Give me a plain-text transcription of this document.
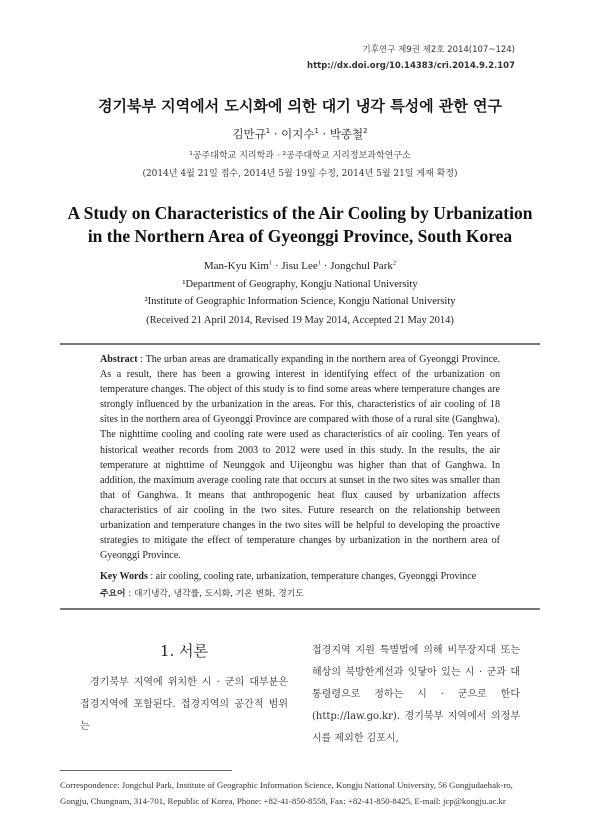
기후연구 제9권 제2호 2014(107~124)
http://dx.doi.org/10.14383/cri.2014.9.2.107
경기북부 지역에서 도시화에 의한 대기 냉각 특성에 관한 연구
김만규$^1$ · 이지수$^1$ · 박종철$^2$
¹공주대학교 지리학과 · ²공주대학교 지리정보과학연구소
(2014년 4월 21일 접수, 2014년 5월 19일 수정, 2014년 5월 21일 게재 확정)
A Study on Characteristics of the Air Cooling by Urbanization
in the Northern Area of Gyeonggi Province, South Korea
Man-Kyu Kim$^1$ · Jisu Lee$^1$ · Jongchul Park$^2$
¹Department of Geography, Kongju National University
²Institute of Geographic Information Science, Kongju National University
(Received 21 April 2014, Revised 19 May 2014, Accepted 21 May 2014)
Abstract : The urban areas are dramatically expanding in the northern area of Gyeonggi Province. As a result, there has been a growing interest in identifying effect of the urbanization on temperature changes. The object of this study is to find some areas where temperature changes are strongly influenced by the urbanization in the areas. For this, characteristics of air cooling of 18 sites in the northern area of Gyeonggi Province are compared with those of a rural site (Ganghwa). The nighttime cooling and cooling rate were used as characteristics of air cooling. Ten years of historical weather records from 2003 to 2012 were used in this study. In the results, the air temperature at nighttime of Neunggok and Uijeongbu was higher than that of Ganghwa. In addition, the maximum average cooling rate that occurs at sunset in the two sites was smaller than that of Ganghwa. It means that anthropogenic heat flux caused by urbanization affects characteristics of air cooling in the two sites. Future research on the relationship between urbanization and temperature changes in the two sites will be helpful to developing the proactive strategies to mitigate the effect of temperature changes by urbanization in the northern area of Gyeonggi Province.
Key Words : air cooling, cooling rate, urbanization, temperature changes, Gyeonggi Province
주요어 : 대기냉각, 냉각률, 도시화, 기온 변화, 경기도
1. 서론
경기북부 지역에 위치한 시 · 군의 대부분은 접경지역에 포함된다. 접경지역의 공간적 범위는
접경지역 지원 특별법에 의해 비무장지대 또는 해상의 북방한계선과 잇닿아 있는 시 · 군과 대통령령으로 정하는 시 · 군으로 한다(http://law.go.kr). 경기북부 지역에서 의정부시를 제외한 김포시,
Correspondence: Jongchul Park, Institute of Geographic Information Science, Kongju National University, 56 Gongjudaehak-ro, Gongju, Chungnam, 314-701, Republic of Korea, Phone: +82-41-850-8558, Fax: +82-41-850-8425, E-mail: jcp@kongju.ac.kr
